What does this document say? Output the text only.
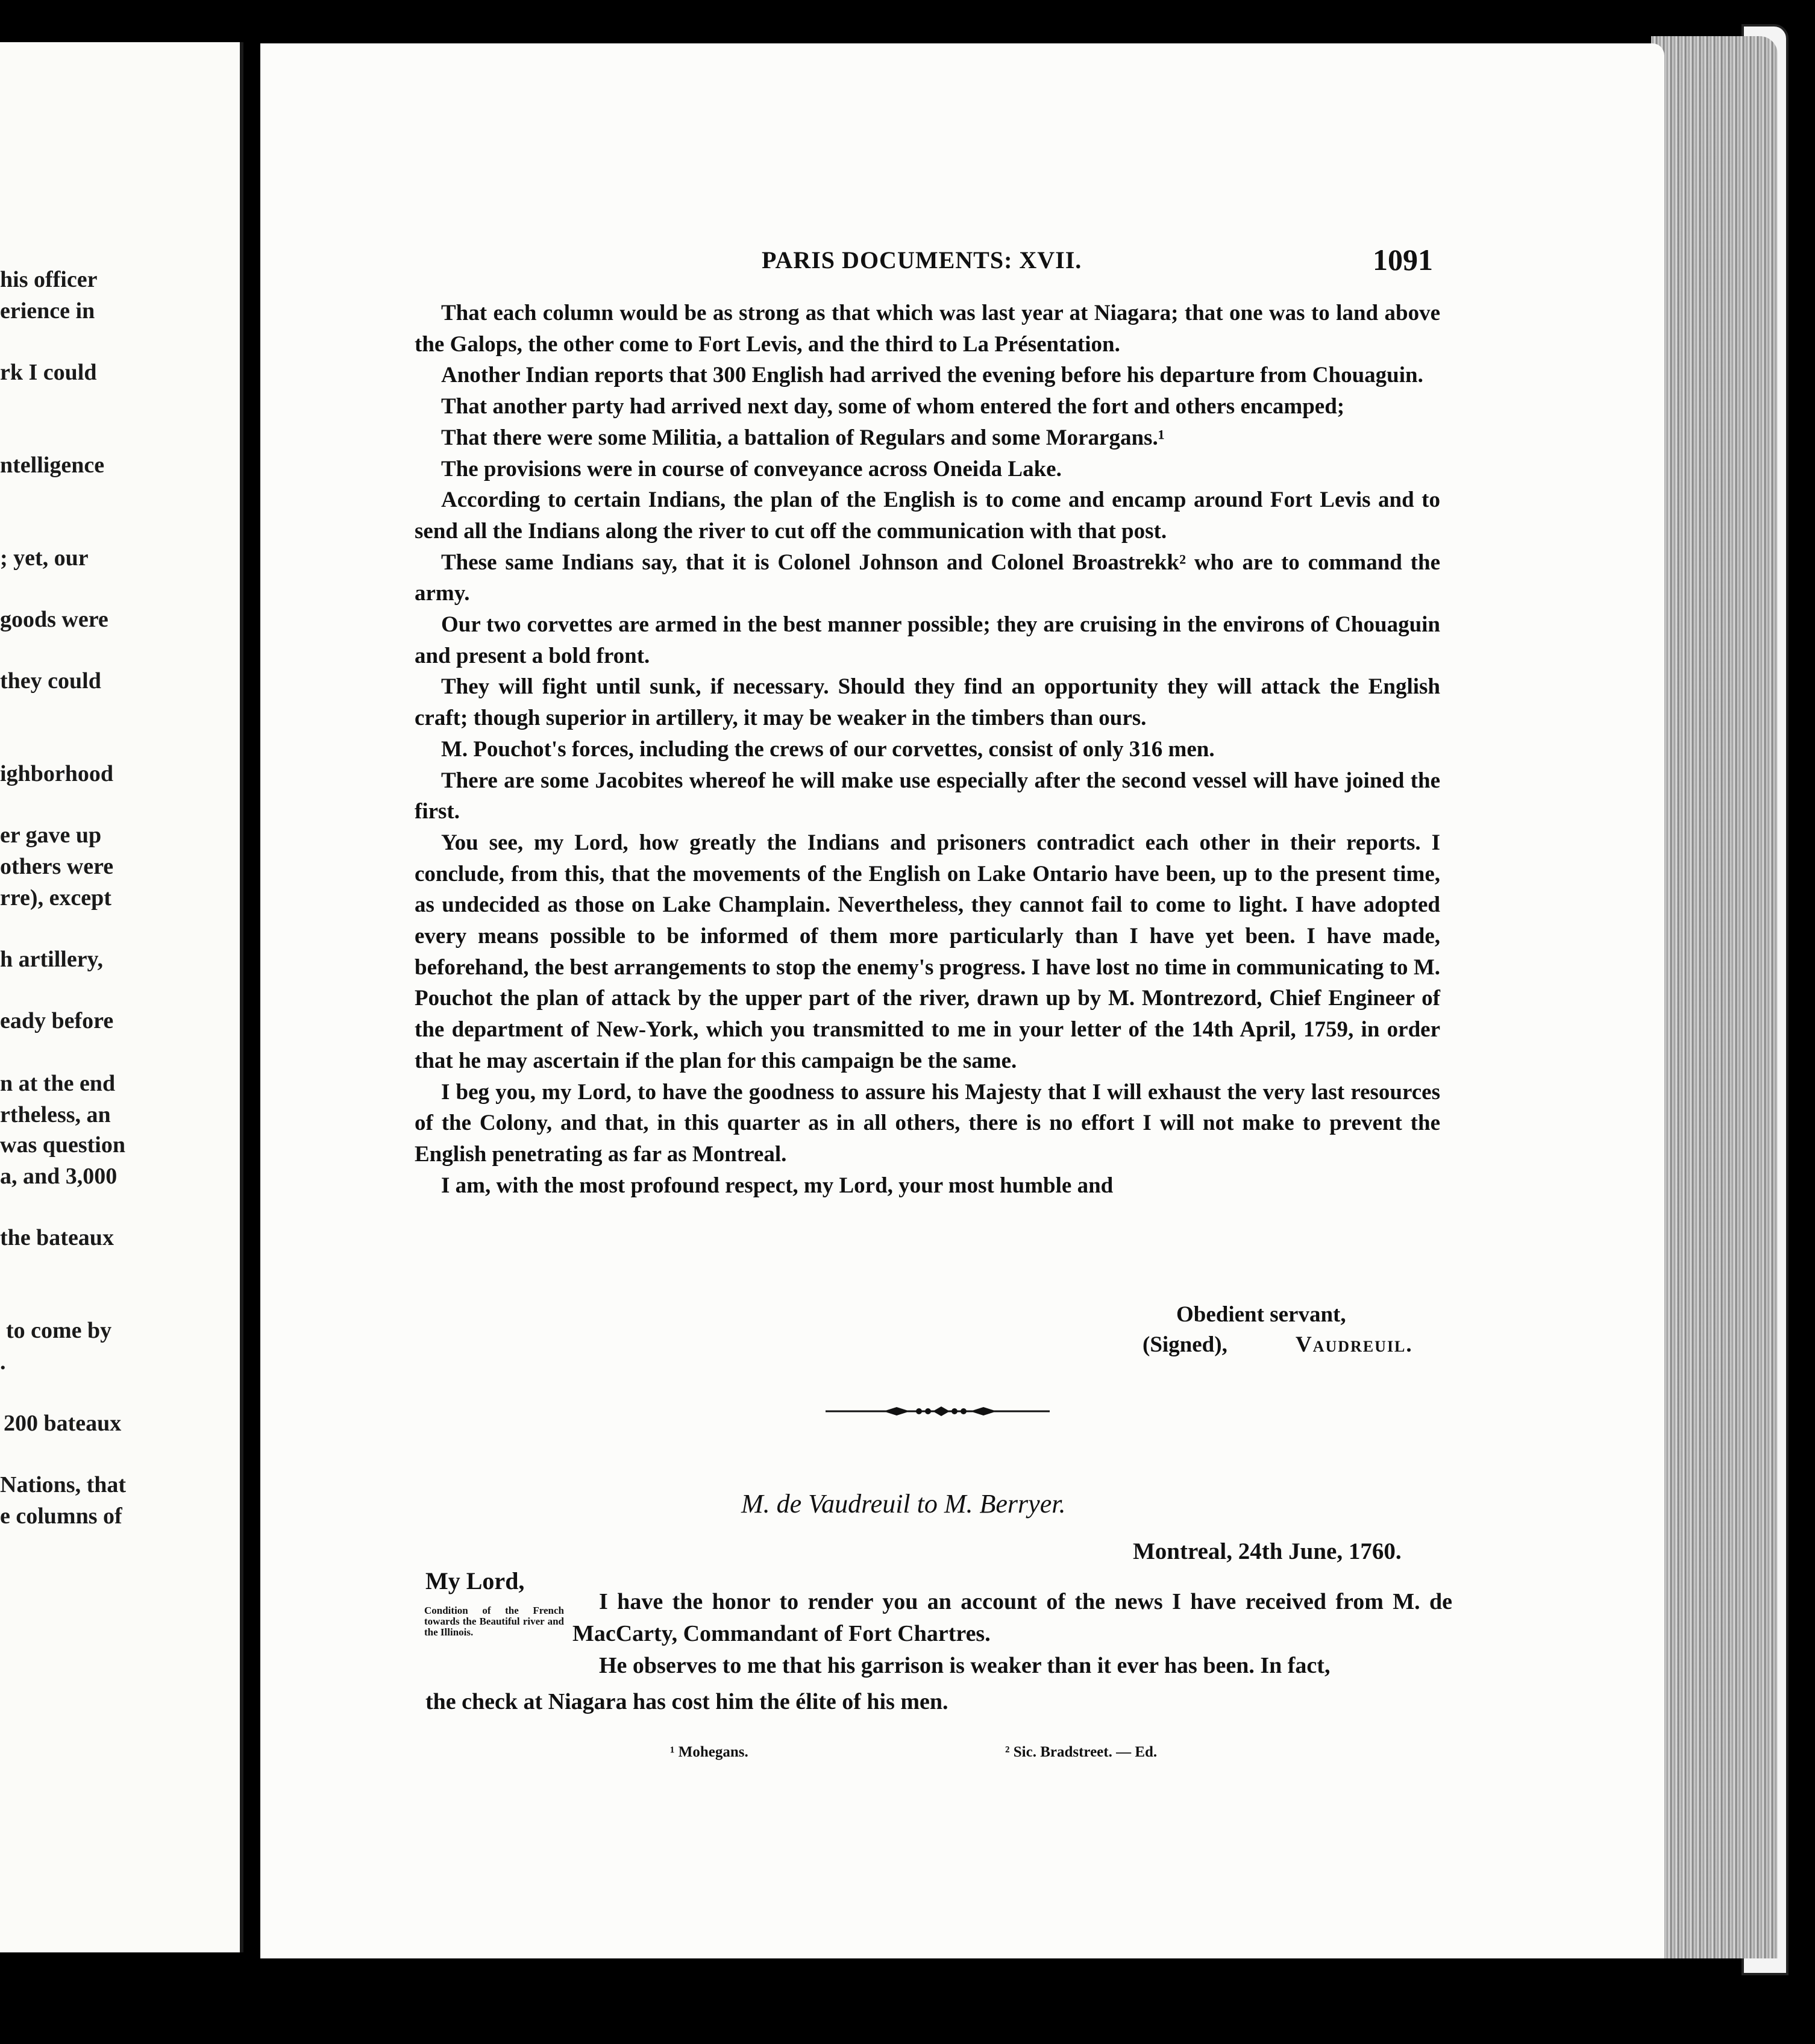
his officer
erience in
rk I could
ntelligence
; yet, our
goods were
they could
ighborhood
er gave up
others were
rre), except
h artillery,
eady before
n at the end
rtheless, an
was question
a, and 3,000
the bateaux
to come by
.
200 bateaux
Nations, that
e columns of
PARIS DOCUMENTS: XVII.	1091

That each column would be as strong as that which was last year at Niagara; that one was to land above the Galops, the other come to Fort Levis, and the third to La Présentation.

Another Indian reports that 300 English had arrived the evening before his departure from Chouaguin.

That another party had arrived next day, some of whom entered the fort and others encamped;

That there were some Militia, a battalion of Regulars and some Morargans.¹

The provisions were in course of conveyance across Oneida Lake.

According to certain Indians, the plan of the English is to come and encamp around Fort Levis and to send all the Indians along the river to cut off the communication with that post.

These same Indians say, that it is Colonel Johnson and Colonel Broastrekk² who are to command the army.

Our two corvettes are armed in the best manner possible; they are cruising in the environs of Chouaguin and present a bold front.

They will fight until sunk, if necessary. Should they find an opportunity they will attack the English craft; though superior in artillery, it may be weaker in the timbers than ours.

M. Pouchot's forces, including the crews of our corvettes, consist of only 316 men.

There are some Jacobites whereof he will make use especially after the second vessel will have joined the first.

You see, my Lord, how greatly the Indians and prisoners contradict each other in their reports. I conclude, from this, that the movements of the English on Lake Ontario have been, up to the present time, as undecided as those on Lake Champlain. Nevertheless, they cannot fail to come to light. I have adopted every means possible to be informed of them more particularly than I have yet been. I have made, beforehand, the best arrangements to stop the enemy's progress. I have lost no time in communicating to M. Pouchot the plan of attack by the upper part of the river, drawn up by M. Montrezord, Chief Engineer of the department of New-York, which you transmitted to me in your letter of the 14th April, 1759, in order that he may ascertain if the plan for this campaign be the same.

I beg you, my Lord, to have the goodness to assure his Majesty that I will exhaust the very last resources of the Colony, and that, in this quarter as in all others, there is no effort I will not make to prevent the English penetrating as far as Montreal.

I am, with the most profound respect, my Lord, your most humble and

Obedient servant,
(Signed),	Vaudreuil.
M. de Vaudreuil to M. Berryer.
Montreal, 24th June, 1760.
My Lord,
Condition of the French towards the Beautiful river and the Illinois.

I have the honor to render you an account of the news I have received from M. de MacCarty, Commandant of Fort Chartres.

He observes to me that his garrison is weaker than it ever has been. In fact,

the check at Niagara has cost him the élite of his men.
¹ Mohegans.	² Sic. Bradstreet. — Ed.
